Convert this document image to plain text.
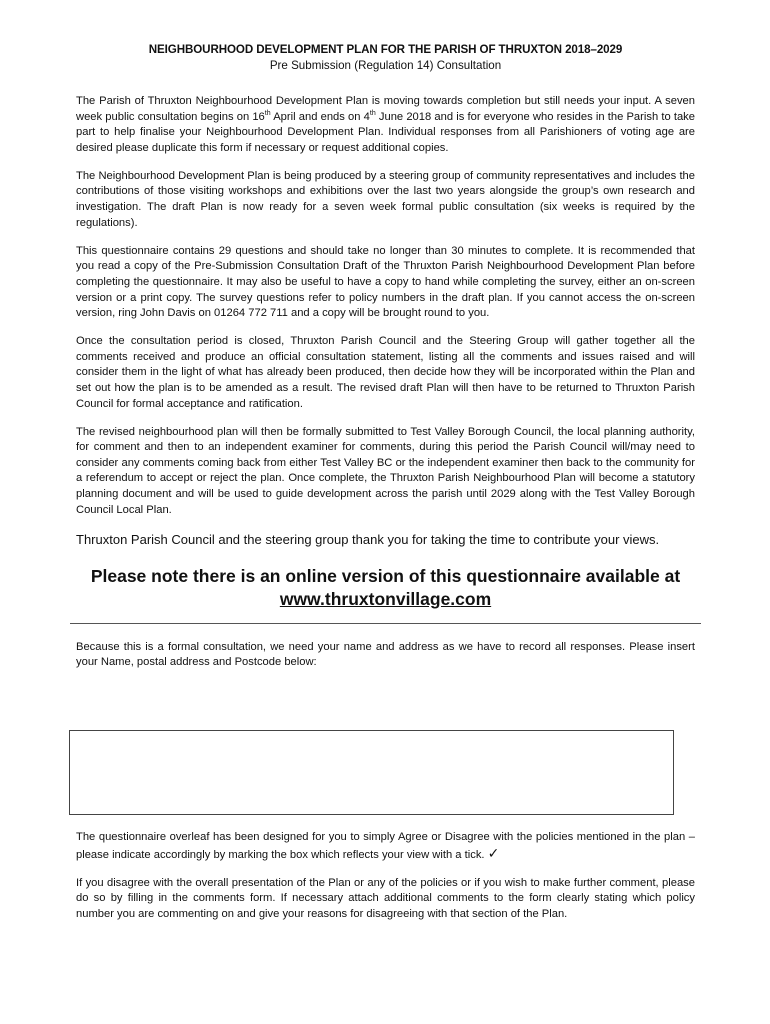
NEIGHBOURHOOD DEVELOPMENT PLAN FOR THE PARISH OF THRUXTON 2018–2029
Pre Submission (Regulation 14) Consultation

The Parish of Thruxton Neighbourhood Development Plan is moving towards completion but still needs your input. A seven week public consultation begins on 16th April and ends on 4th June 2018 and is for everyone who resides in the Parish to take part to help finalise your Neighbourhood Development Plan. Individual responses from all Parishioners of voting age are desired please duplicate this form if necessary or request additional copies.

The Neighbourhood Development Plan is being produced by a steering group of community representatives and includes the contributions of those visiting workshops and exhibitions over the last two years alongside the group’s own research and investigation. The draft Plan is now ready for a seven week formal public consultation (six weeks is required by the regulations).

This questionnaire contains 29 questions and should take no longer than 30 minutes to complete. It is recommended that you read a copy of the Pre-Submission Consultation Draft of the Thruxton Parish Neighbourhood Development Plan before completing the questionnaire. It may also be useful to have a copy to hand while completing the survey, either an on-screen version or a print copy. The survey questions refer to policy numbers in the draft plan. If you cannot access the on-screen version, ring John Davis on 01264 772 711 and a copy will be brought round to you.

Once the consultation period is closed, Thruxton Parish Council and the Steering Group will gather together all the comments received and produce an official consultation statement, listing all the comments and issues raised and will consider them in the light of what has already been produced, then decide how they will be incorporated within the Plan and set out how the plan is to be amended as a result. The revised draft Plan will then have to be returned to Thruxton Parish Council for formal acceptance and ratification.

The revised neighbourhood plan will then be formally submitted to Test Valley Borough Council, the local planning authority, for comment and then to an independent examiner for comments, during this period the Parish Council will/may need to consider any comments coming back from either Test Valley BC or the independent examiner then back to the community for a referendum to accept or reject the plan. Once complete, the Thruxton Parish Neighbourhood Plan will become a statutory planning document and will be used to guide development across the parish until 2029 along with the Test Valley Borough Council Local Plan.

Thruxton Parish Council and the steering group thank you for taking the time to contribute your views.

Please note there is an online version of this questionnaire available at
www.thruxtonvillage.com

Because this is a formal consultation, we need your name and address as we have to record all responses. Please insert your Name, postal address and Postcode below:

The questionnaire overleaf has been designed for you to simply Agree or Disagree with the policies mentioned in the plan – please indicate accordingly by marking the box which reflects your view with a tick. ✓

If you disagree with the overall presentation of the Plan or any of the policies or if you wish to make further comment, please do so by filling in the comments form. If necessary attach additional comments to the form clearly stating which policy number you are commenting on and give your reasons for disagreeing with that section of the Plan.
